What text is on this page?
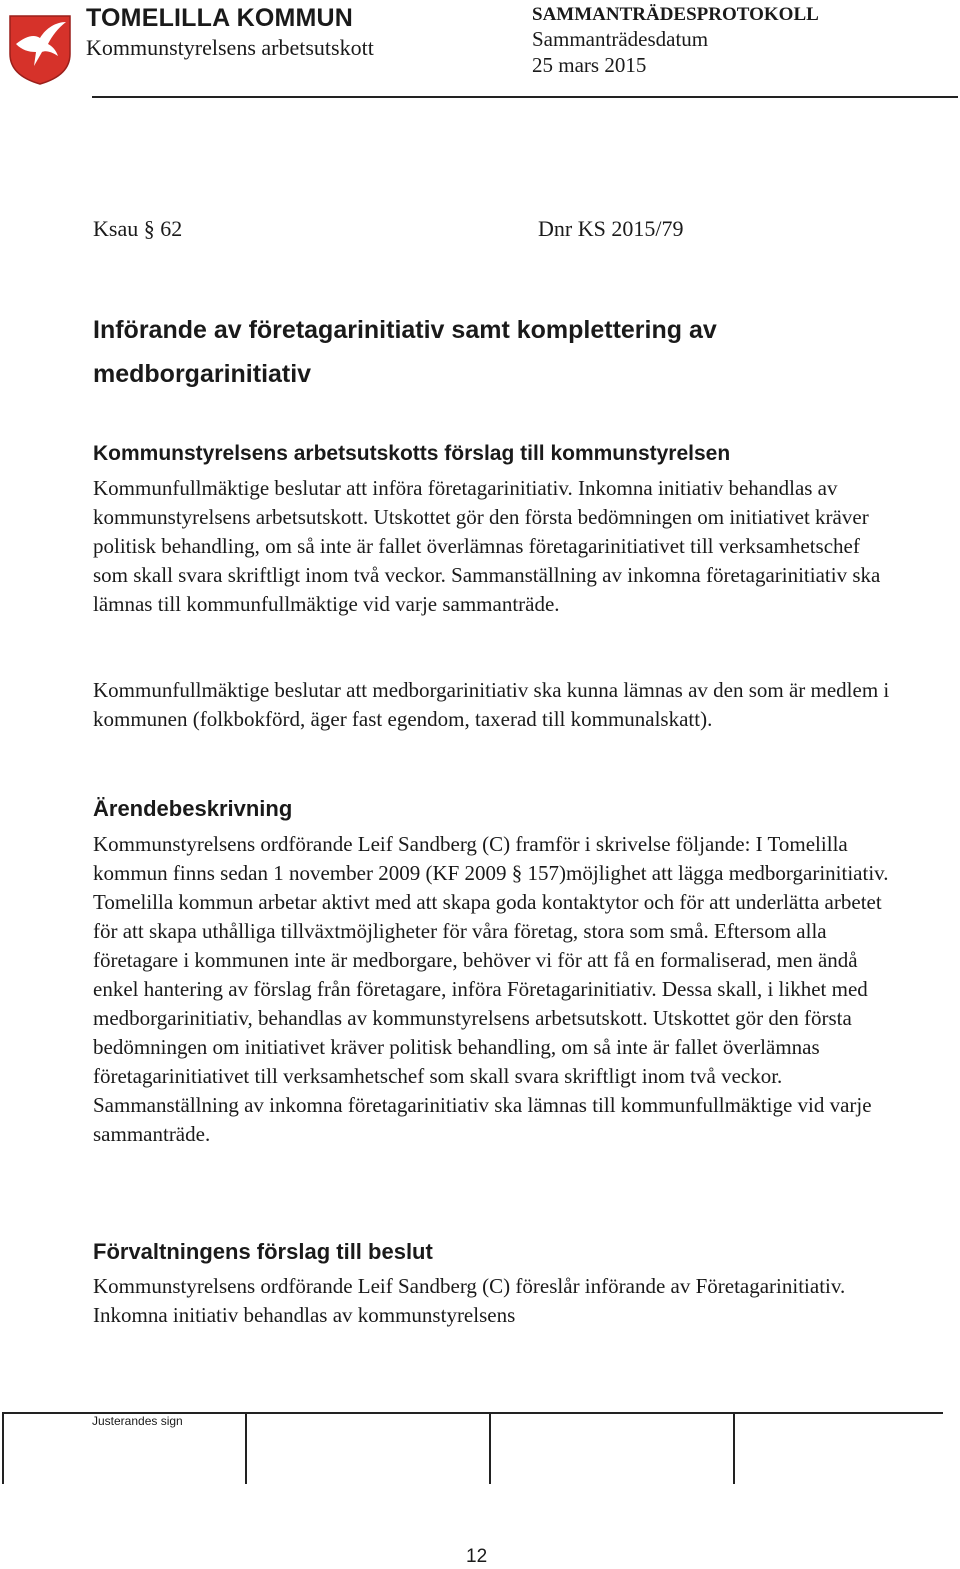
TOMELILLA KOMMUN
Kommunstyrelsens arbetsutskott
SAMMANTRÄDESPROTOKOLL
Sammanträdesdatum
25 mars 2015
Ksau § 62	Dnr KS 2015/79
Införande av företagarinitiativ samt komplettering av medborgarinitiativ
Kommunstyrelsens arbetsutskotts förslag till kommunstyrelsen
Kommunfullmäktige beslutar att införa företagarinitiativ. Inkomna initiativ behandlas av kommunstyrelsens arbetsutskott. Utskottet gör den första bedömningen om initiativet kräver politisk behandling, om så inte är fallet överlämnas företagarinitiativet till verksamhetschef som skall svara skriftligt inom två veckor. Sammanställning av inkomna företagarinitiativ ska lämnas till kommunfullmäktige vid varje sammanträde.
Kommunfullmäktige beslutar att medborgarinitiativ ska kunna lämnas av den som är medlem i kommunen (folkbokförd, äger fast egendom, taxerad till kommunalskatt).
Ärendebeskrivning
Kommunstyrelsens ordförande Leif Sandberg (C) framför i skrivelse följande: I Tomelilla kommun finns sedan 1 november 2009 (KF 2009 § 157)möjlighet att lägga medborgarinitiativ. Tomelilla kommun arbetar aktivt med att skapa goda kontaktytor och för att underlätta arbetet för att skapa uthålliga tillväxtmöjligheter för våra företag, stora som små. Eftersom alla företagare i kommunen inte är medborgare, behöver vi för att få en formaliserad, men ändå enkel hantering av förslag från företagare, införa Företagarinitiativ. Dessa skall, i likhet med medborgarinitiativ, behandlas av kommunstyrelsens arbetsutskott. Utskottet gör den första bedömningen om initiativet kräver politisk behandling, om så inte är fallet överlämnas företagarinitiativet till verksamhetschef som skall svara skriftligt inom två veckor. Sammanställning av inkomna företagarinitiativ ska lämnas till kommunfullmäktige vid varje sammanträde.
Förvaltningens förslag till beslut
Kommunstyrelsens ordförande Leif Sandberg (C) föreslår införande av Företagarinitiativ. Inkomna initiativ behandlas av kommunstyrelsens
Justerandes sign
12
